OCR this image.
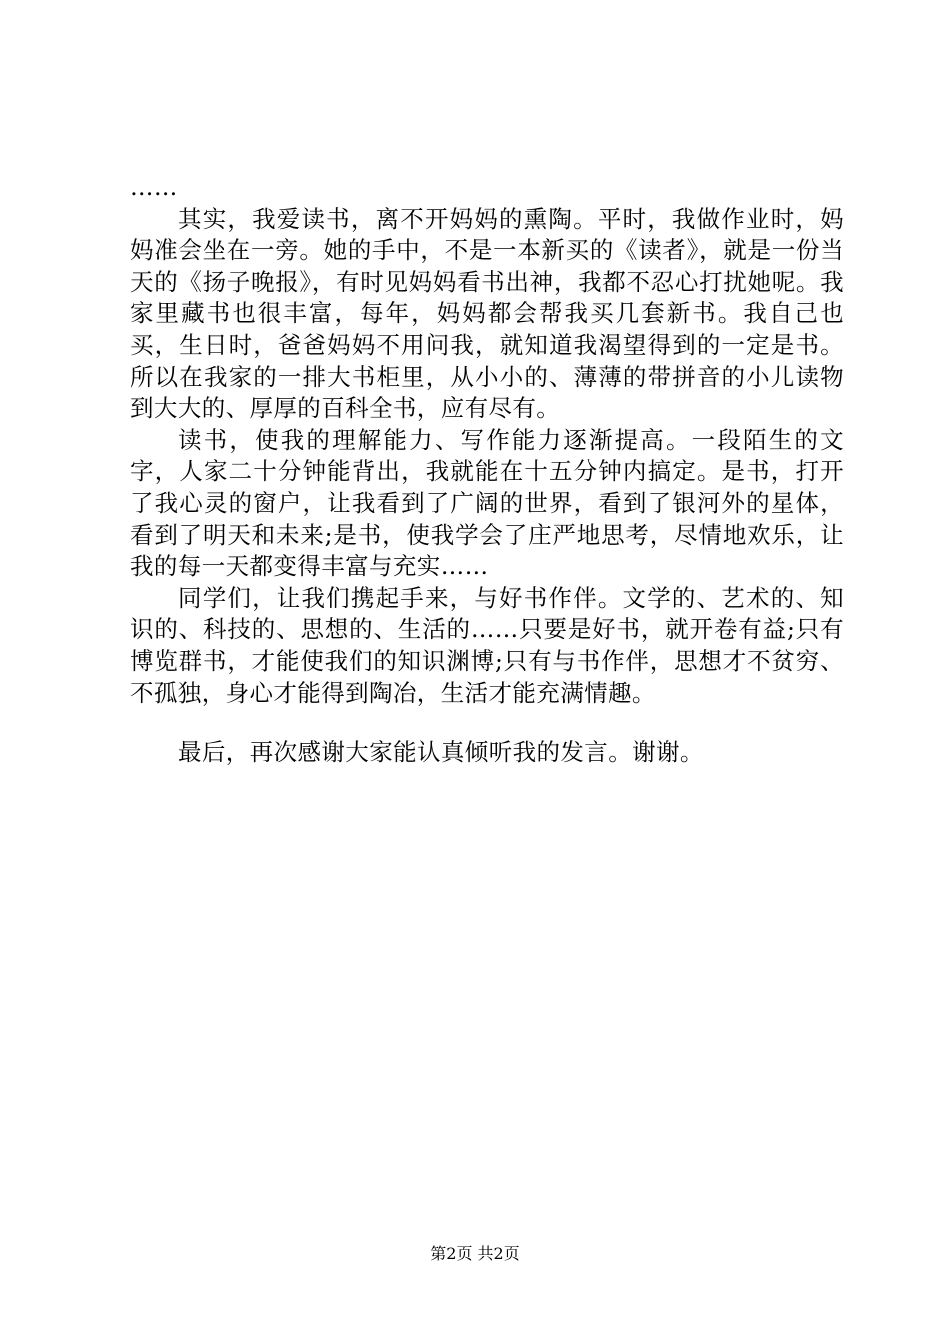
……

其实，我爱读书，离不开妈妈的熏陶。平时，我做作业时，妈妈准会坐在一旁。她的手中，不是一本新买的《读者》，就是一份当天的《扬子晚报》，有时见妈妈看书出神，我都不忍心打扰她呢。我家里藏书也很丰富，每年，妈妈都会帮我买几套新书。我自己也买，生日时，爸爸妈妈不用问我，就知道我渴望得到的一定是书。所以在我家的一排大书柜里，从小小的、薄薄的带拼音的小儿读物到大大的、厚厚的百科全书，应有尽有。

读书，使我的理解能力、写作能力逐渐提高。一段陌生的文字，人家二十分钟能背出，我就能在十五分钟内搞定。是书，打开了我心灵的窗户，让我看到了广阔的世界，看到了银河外的星体，看到了明天和未来;是书，使我学会了庄严地思考，尽情地欢乐，让我的每一天都变得丰富与充实……

同学们，让我们携起手来，与好书作伴。文学的、艺术的、知识的、科技的、思想的、生活的……只要是好书，就开卷有益;只有博览群书，才能使我们的知识渊博;只有与书作伴，思想才不贫穷、不孤独，身心才能得到陶冶，生活才能充满情趣。

最后，再次感谢大家能认真倾听我的发言。谢谢。

第2页 共2页
